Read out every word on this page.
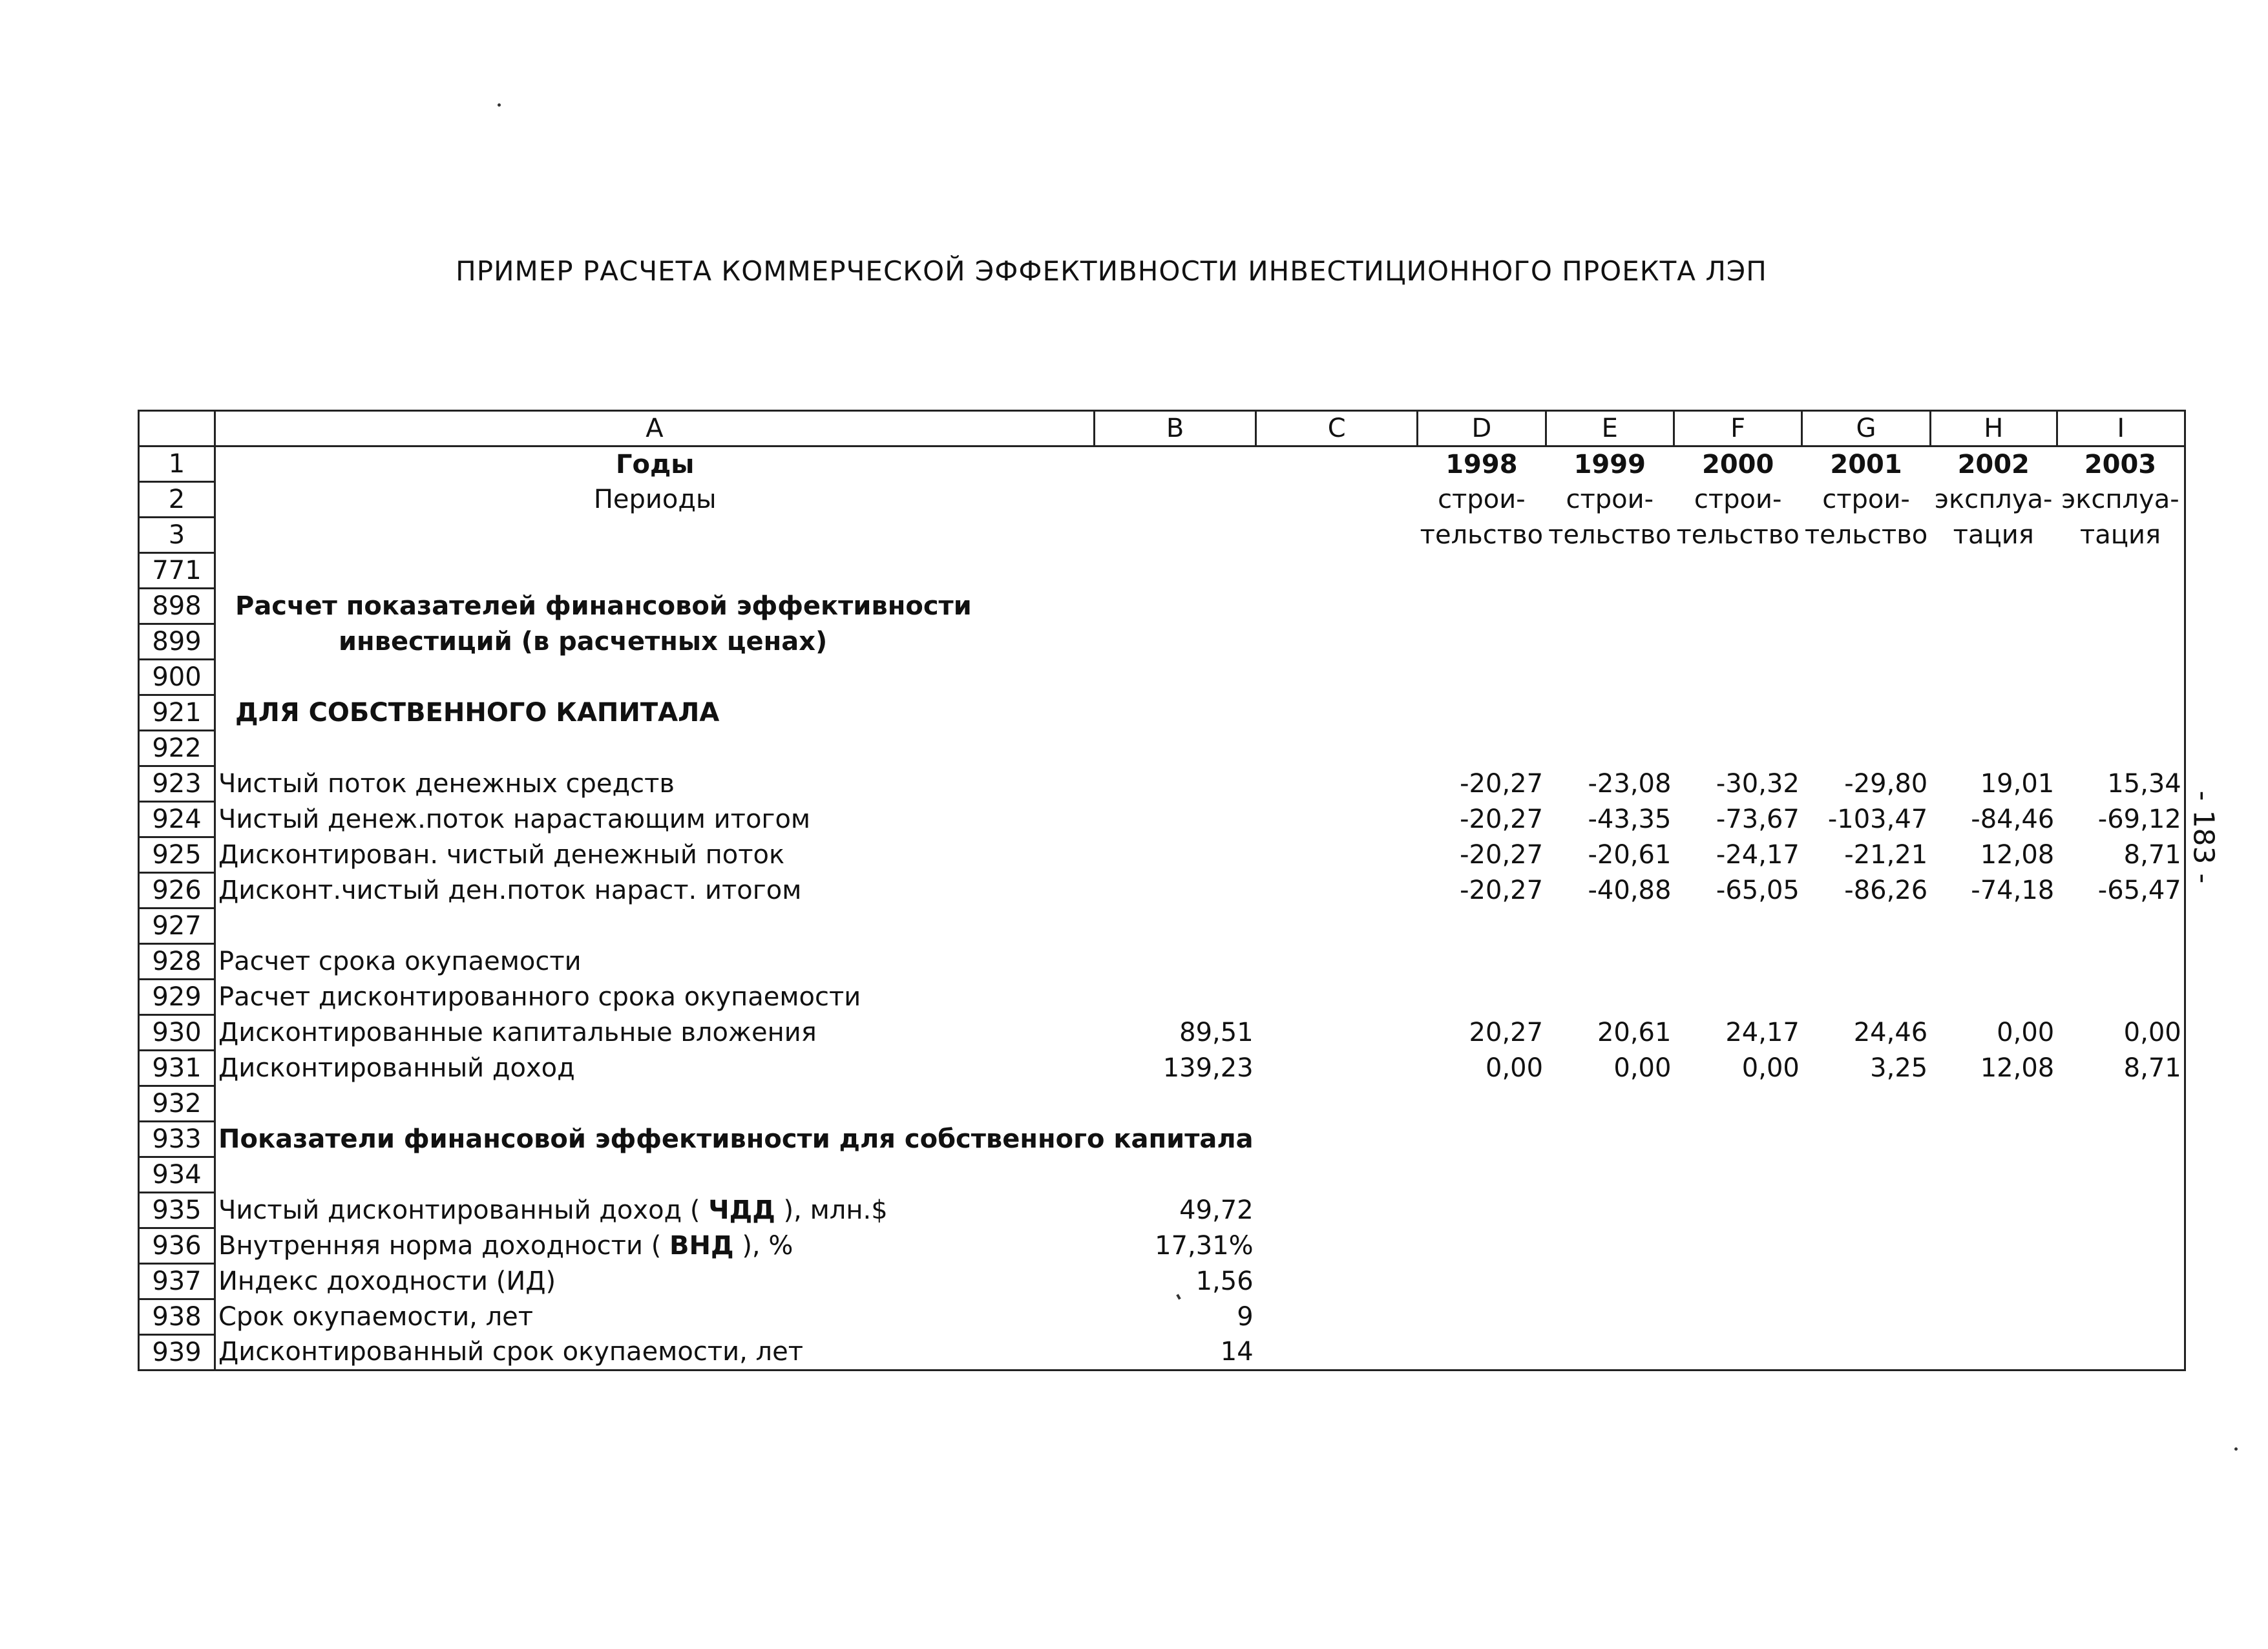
ПРИМЕР РАСЧЕТА КОММЕРЧЕСКОЙ ЭФФЕКТИВНОСТИ ИНВЕСТИЦИОННОГО ПРОЕКТА ЛЭП
	A	B	C	D	E	F	G	H	I
1	Годы			1998	1999	2000	2001	2002	2003
2	Периоды			строи-	строи-	строи-	строи-	эксплуа-	эксплуа-
3				тельство	тельство	тельство	тельство	тация	тация
771									
898	Расчет показателей финансовой эффективности								
899	инвестиций (в расчетных ценах)								
900									
921	ДЛЯ СОБСТВЕННОГО КАПИТАЛА								
922									
923	Чистый поток денежных средств			-20,27	-23,08	-30,32	-29,80	19,01	15,34
924	Чистый денеж.поток нарастающим итогом			-20,27	-43,35	-73,67	-103,47	-84,46	-69,12
925	Дисконтирован. чистый денежный поток			-20,27	-20,61	-24,17	-21,21	12,08	8,71
926	Дисконт.чистый ден.поток нараст. итогом			-20,27	-40,88	-65,05	-86,26	-74,18	-65,47
927									
928	Расчет срока окупаемости								
929	Расчет дисконтированного срока окупаемости								
930	Дисконтированные капитальные вложения	89,51		20,27	20,61	24,17	24,46	0,00	0,00
931	Дисконтированный доход	139,23		0,00	0,00	0,00	3,25	12,08	8,71
932									
933	Показатели финансовой эффективности для собственного капитала								
934									
935	Чистый дисконтированный доход ( ЧДД ), млн.$	49,72							
936	Внутренняя норма доходности ( ВНД ), %	17,31%							
937	Индекс доходности (ИД)	1,56							
938	Срок окупаемости, лет	9							
939	Дисконтированный срок окупаемости, лет	14							
- 183 -
